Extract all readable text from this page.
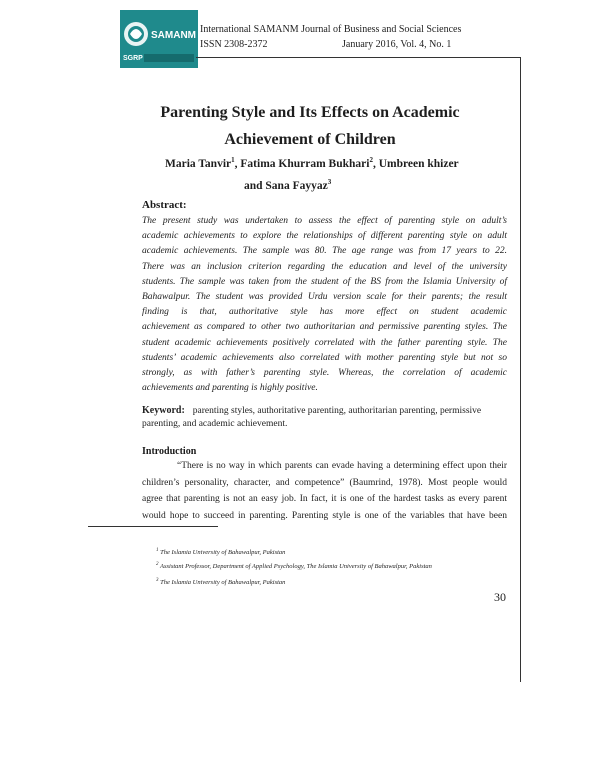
SAMANM
SGRP
International SAMANM Journal of Business and Social Sciences
ISSN 2308-2372	January 2016, Vol. 4, No. 1
Parenting Style and Its Effects on Academic
Achievement of Children
Maria Tanvir$^1$, Fatima Khurram Bukhari$^2$, Umbreen khizer
and Sana Fayyaz$^3$
Abstract:
The present study was undertaken to assess the effect of parenting style on adult’s
academic achievements to explore the relationships of different parenting style on adult
academic achievements. The sample was 80. The age range was from 17 years to 22.
There was an inclusion criterion regarding the education and level of the university
students. The sample was taken from the student of the BS from the Islamia University of
Bahawalpur. The student was provided Urdu version scale for their parents; the result
finding is that, authoritative style has more effect on student academic
achievement as compared to other two authoritarian and permissive parenting styles. The
student academic achievements positively correlated with the father parenting style. The
students’ academic achievements also correlated with mother parenting style but not so
strongly, as with father’s parenting style. Whereas, the correlation of academic
achievements and parenting is highly positive.
Keyword: parenting styles, authoritative parenting, authoritarian parenting, permissive parenting, and academic achievement.
Introduction
“There is no way in which parents can evade having a determining effect upon their
children’s personality, character, and competence” (Baumrind, 1978). Most people would
agree that parenting is not an easy job. In fact, it is one of the hardest tasks as every parent
would hope to succeed in parenting. Parenting style is one of the variables that have been
$^1$ The Islamia University of Bahawalpur, Pakistan
$^2$ Assistant Professor, Department of Applied Psychology, The Islamia University of Bahawalpur, Pakistan
$^3$ The Islamia University of Bahawalpur, Pakistan
30
